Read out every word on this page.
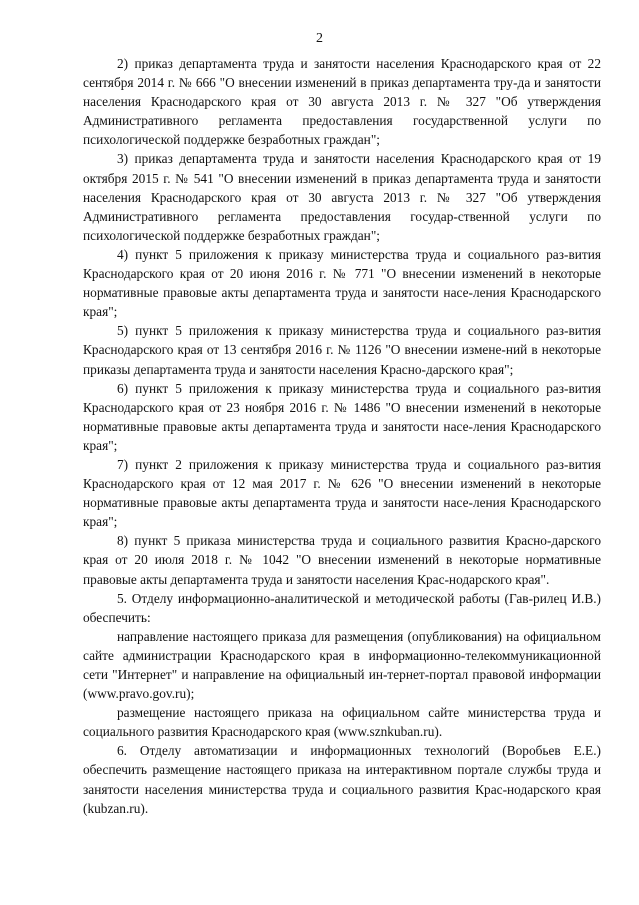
2

2) приказ департамента труда и занятости населения Краснодарского края от 22 сентября 2014 г. № 666 "О внесении изменений в приказ департамента тру-да и занятости населения Краснодарского края от 30 августа 2013 г. № 327 "Об утверждения Административного регламента предоставления государственной услуги по психологической поддержке безработных граждан";

3) приказ департамента труда и занятости населения Краснодарского края от 19 октября 2015 г. № 541 "О внесении изменений в приказ департамента труда и занятости населения Краснодарского края от 30 августа 2013 г. № 327 "Об утверждения Административного регламента предоставления государ-ственной услуги по психологической поддержке безработных граждан";

4) пункт 5 приложения к приказу министерства труда и социального раз-вития Краснодарского края от 20 июня 2016 г. № 771 "О внесении изменений в некоторые нормативные правовые акты департамента труда и занятости насе-ления Краснодарского края";

5) пункт 5 приложения к приказу министерства труда и социального раз-вития Краснодарского края от 13 сентября 2016 г. № 1126 "О внесении измене-ний в некоторые приказы департамента труда и занятости населения Красно-дарского края";

6) пункт 5 приложения к приказу министерства труда и социального раз-вития Краснодарского края от 23 ноября 2016 г. № 1486 "О внесении изменений в некоторые нормативные правовые акты департамента труда и занятости насе-ления Краснодарского края";

7) пункт 2 приложения к приказу министерства труда и социального раз-вития Краснодарского края от 12 мая 2017 г. № 626 "О внесении изменений в некоторые нормативные правовые акты департамента труда и занятости насе-ления Краснодарского края";

8) пункт 5 приказа министерства труда и социального развития Красно-дарского края от 20 июля 2018 г. № 1042 "О внесении изменений в некоторые нормативные правовые акты департамента труда и занятости населения Крас-нодарского края".

5. Отделу информационно-аналитической и методической работы (Гав-рилец И.В.) обеспечить:

направление настоящего приказа для размещения (опубликования) на официальном сайте администрации Краснодарского края в информационно-телекоммуникационной сети "Интернет" и направление на официальный ин-тернет-портал правовой информации (www.pravo.gov.ru);

размещение настоящего приказа на официальном сайте министерства труда и социального развития Краснодарского края (www.sznkuban.ru).

6. Отделу автоматизации и информационных технологий (Воробьев Е.Е.) обеспечить размещение настоящего приказа на интерактивном портале службы труда и занятости населения министерства труда и социального развития Крас-нодарского края (kubzan.ru).
